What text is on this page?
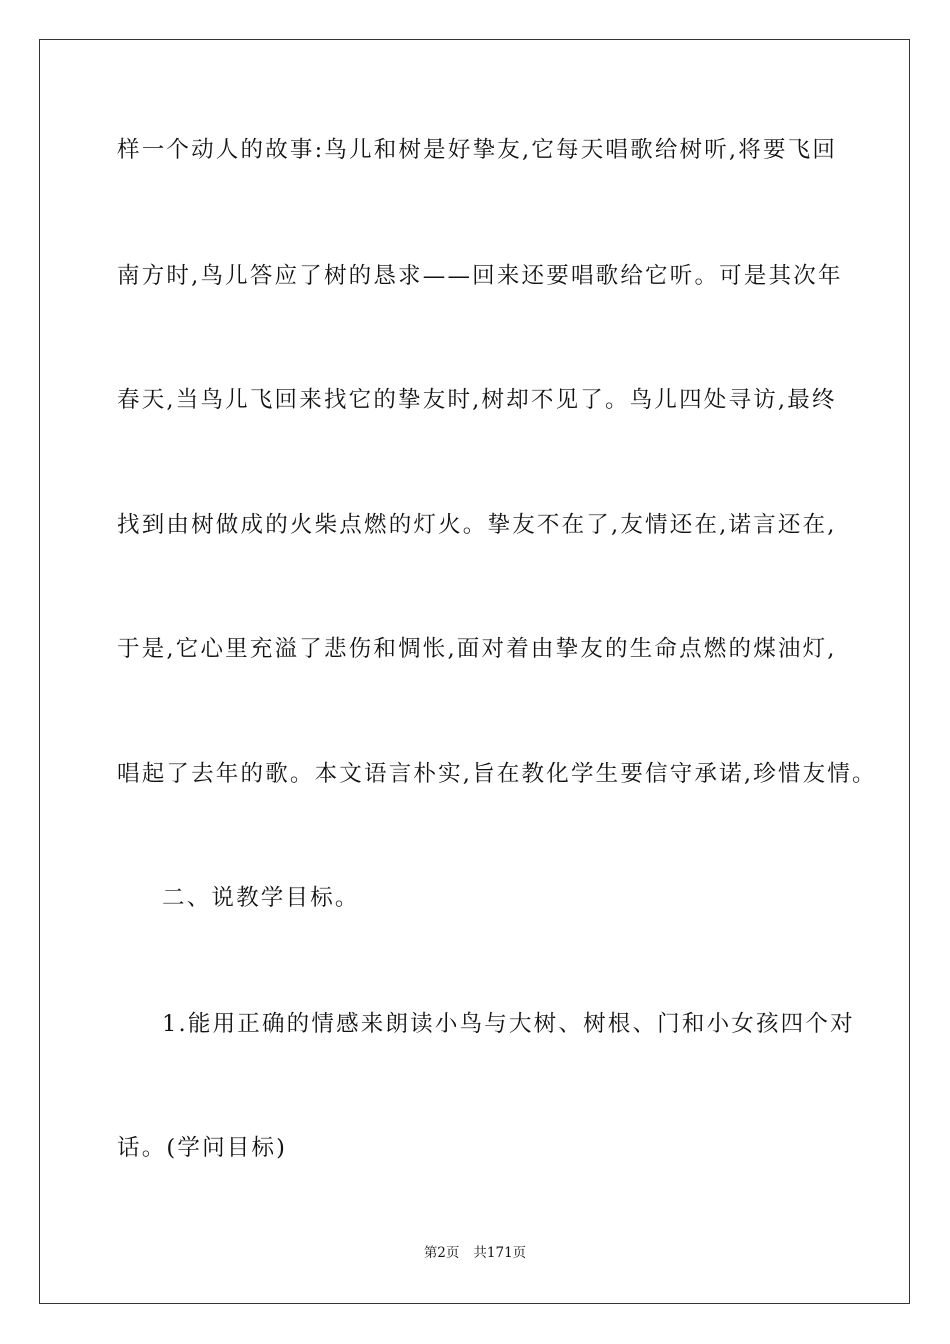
样一个动人的故事:鸟儿和树是好挚友,它每天唱歌给树听,将要飞回
南方时,鸟儿答应了树的恳求——回来还要唱歌给它听。可是其次年
春天,当鸟儿飞回来找它的挚友时,树却不见了。鸟儿四处寻访,最终
找到由树做成的火柴点燃的灯火。挚友不在了,友情还在,诺言还在,
于是,它心里充溢了悲伤和惆怅,面对着由挚友的生命点燃的煤油灯,
唱起了去年的歌。本文语言朴实,旨在教化学生要信守承诺,珍惜友情。
二、说教学目标。
1.能用正确的情感来朗读小鸟与大树、树根、门和小女孩四个对
话。(学问目标)
第2页 共171页
